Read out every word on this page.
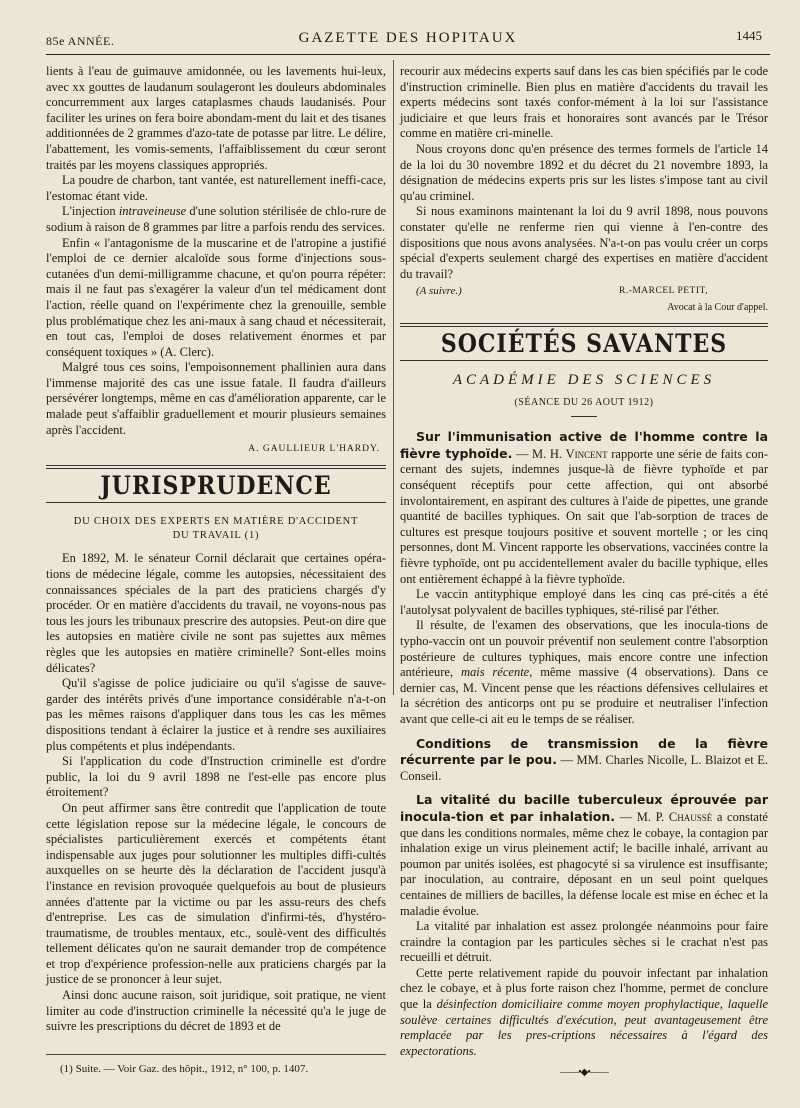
85e ANNÉE.	GAZETTE DES HOPITAUX	1445

lients à l'eau de guimauve amidonnée, ou les lavements hui-leux, avec xx gouttes de laudanum soulageront les douleurs abdominales concurremment aux larges cataplasmes chauds laudanisés. Pour faciliter les urines on fera boire abondam-ment du lait et des tisanes additionnées de 2 grammes d'azo-tate de potasse par litre. Le délire, l'abattement, les vomis-sements, l'affaiblissement du cœur seront traités par les moyens classiques appropriés.

La poudre de charbon, tant vantée, est naturellement ineffi-cace, l'estomac étant vide.

L'injection intraveineuse d'une solution stérilisée de chlo-rure de sodium à raison de 8 grammes par litre a parfois rendu des services.

Enfin « l'antagonisme de la muscarine et de l'atropine a justifié l'emploi de ce dernier alcaloïde sous forme d'injections sous-cutanées d'un demi-milligramme chacune, et qu'on pourra répéter: mais il ne faut pas s'exagérer la valeur d'un tel médicament dont l'action, réelle quand on l'expérimente chez la grenouille, semble plus problématique chez les ani-maux à sang chaud et nécessiterait, en tout cas, l'emploi de doses relativement énormes et par conséquent toxiques » (A. Clerc).

Malgré tous ces soins, l'empoisonnement phallinien aura dans l'immense majorité des cas une issue fatale. Il faudra d'ailleurs persévérer longtemps, même en cas d'amélioration apparente, car le malade peut s'affaiblir graduellement et mourir plusieurs semaines après l'accident.

A. GAULLIEUR L'HARDY.
JURISPRUDENCE
DU CHOIX DES EXPERTS EN MATIÈRE D'ACCIDENT
DU TRAVAIL (1)

En 1892, M. le sénateur Cornil déclarait que certaines opéra-tions de médecine légale, comme les autopsies, nécessitaient des connaissances spéciales de la part des praticiens chargés d'y procéder. Or en matière d'accidents du travail, ne voyons-nous pas tous les jours les tribunaux prescrire des autopsies. Peut-on dire que les autopsies en matière civile ne sont pas sujettes aux mêmes règles que les autopsies en matière criminelle? Sont-elles moins délicates?

Qu'il s'agisse de police judiciaire ou qu'il s'agisse de sauve-garder des intérêts privés d'une importance considérable n'a-t-on pas les mêmes raisons d'appliquer dans tous les cas les mêmes dispositions tendant à éclairer la justice et à rendre ses auxiliaires plus compétents et plus indépendants.

Si l'application du code d'Instruction criminelle est d'ordre public, la loi du 9 avril 1898 ne l'est-elle pas encore plus étroitement?

On peut affirmer sans être contredit que l'application de toute cette législation repose sur la médecine légale, le concours de spécialistes particulièrement exercés et compétents étant indispensable aux juges pour solutionner les multiples diffi-cultés auxquelles on se heurte dès la déclaration de l'accident jusqu'à l'instance en revision provoquée quelquefois au bout de plusieurs années d'attente par la victime ou par les assu-reurs des chefs d'entreprise. Les cas de simulation d'infirmi-tés, d'hystéro-traumatisme, de troubles mentaux, etc., soulè-vent des difficultés tellement délicates qu'on ne saurait demander trop de compétence et trop d'expérience profession-nelle aux praticiens chargés par la justice de se prononcer à leur sujet.

Ainsi donc aucune raison, soit juridique, soit pratique, ne vient limiter au code d'instruction criminelle la nécessité qu'a le juge de suivre les prescriptions du décret de 1893 et de

recourir aux médecins experts sauf dans les cas bien spécifiés par le code d'instruction criminelle. Bien plus en matière d'accidents du travail les experts médecins sont taxés confor-mément à la loi sur l'assistance judiciaire et que leurs frais et honoraires sont avancés par le Trésor comme en matière cri-minelle.

Nous croyons donc qu'en présence des termes formels de l'article 14 de la loi du 30 novembre 1892 et du décret du 21 novembre 1893, la désignation de médecins experts pris sur les listes s'impose tant au civil qu'au criminel.

Si nous examinons maintenant la loi du 9 avril 1898, nous pouvons constater qu'elle ne renferme rien qui vienne à l'en-contre des dispositions que nous avons analysées. N'a-t-on pas voulu créer un corps spécial d'experts seulement chargé des expertises en matière d'accident du travail?

(A suivre.)	R.-MARCEL PETIT,
Avocat à la Cour d'appel.
SOCIÉTÉS SAVANTES
ACADÉMIE DES SCIENCES
(SÉANCE DU 26 AOUT 1912)

Sur l'immunisation active de l'homme contre la fièvre typhoïde. — M. H. Vincent rapporte une série de faits con-cernant des sujets, indemnes jusque-là de fièvre typhoïde et par conséquent réceptifs pour cette affection, qui ont absorbé involontairement, en aspirant des cultures à l'aide de pipettes, une grande quantité de bacilles typhiques. On sait que l'ab-sorption de traces de cultures est presque toujours positive et souvent mortelle ; or les cinq personnes, dont M. Vincent rapporte les observations, vaccinées contre la fièvre typhoïde, ont pu accidentellement avaler du bacille typhique, elles ont entièrement échappé à la fièvre typhoïde.

Le vaccin antityphique employé dans les cinq cas pré-cités a été l'autolysat polyvalent de bacilles typhiques, sté-rilisé par l'éther.

Il résulte, de l'examen des observations, que les inocula-tions de typho-vaccin ont un pouvoir préventif non seulement contre l'absorption postérieure de cultures typhiques, mais encore contre une infection antérieure, mais récente, même massive (4 observations). Dans ce dernier cas, M. Vincent pense que les réactions défensives cellulaires et la sécrétion des anticorps ont pu se produire et neutraliser l'infection avant que celle-ci ait eu le temps de se réaliser.

Conditions de transmission de la fièvre récurrente par le pou. — MM. Charles Nicolle, L. Blaizot et E. Conseil.

La vitalité du bacille tuberculeux éprouvée par inocula-tion et par inhalation. — M. P. Chaussé a constaté que dans les conditions normales, même chez le cobaye, la contagion par inhalation exige un virus pleinement actif; le bacille inhalé, arrivant au poumon par unités isolées, est phagocyté si sa virulence est insuffisante; par inoculation, au contraire, déposant en un seul point quelques centaines de milliers de bacilles, la défense locale est mise en échec et la maladie évolue.

La vitalité par inhalation est assez prolongée néanmoins pour faire craindre la contagion par les particules sèches si le crachat n'est pas recueilli et détruit.

Cette perte relativement rapide du pouvoir infectant par inhalation chez le cobaye, et à plus forte raison chez l'homme, permet de conclure que la désinfection domiciliaire comme moyen prophylactique, laquelle soulève certaines difficultés d'exécution, peut avantageusement être remplacée par les pres-criptions nécessaires à l'égard des expectorations.

——•◆•——
(1) Suite. — Voir Gaz. des hôpit., 1912, n° 100, p. 1407.
